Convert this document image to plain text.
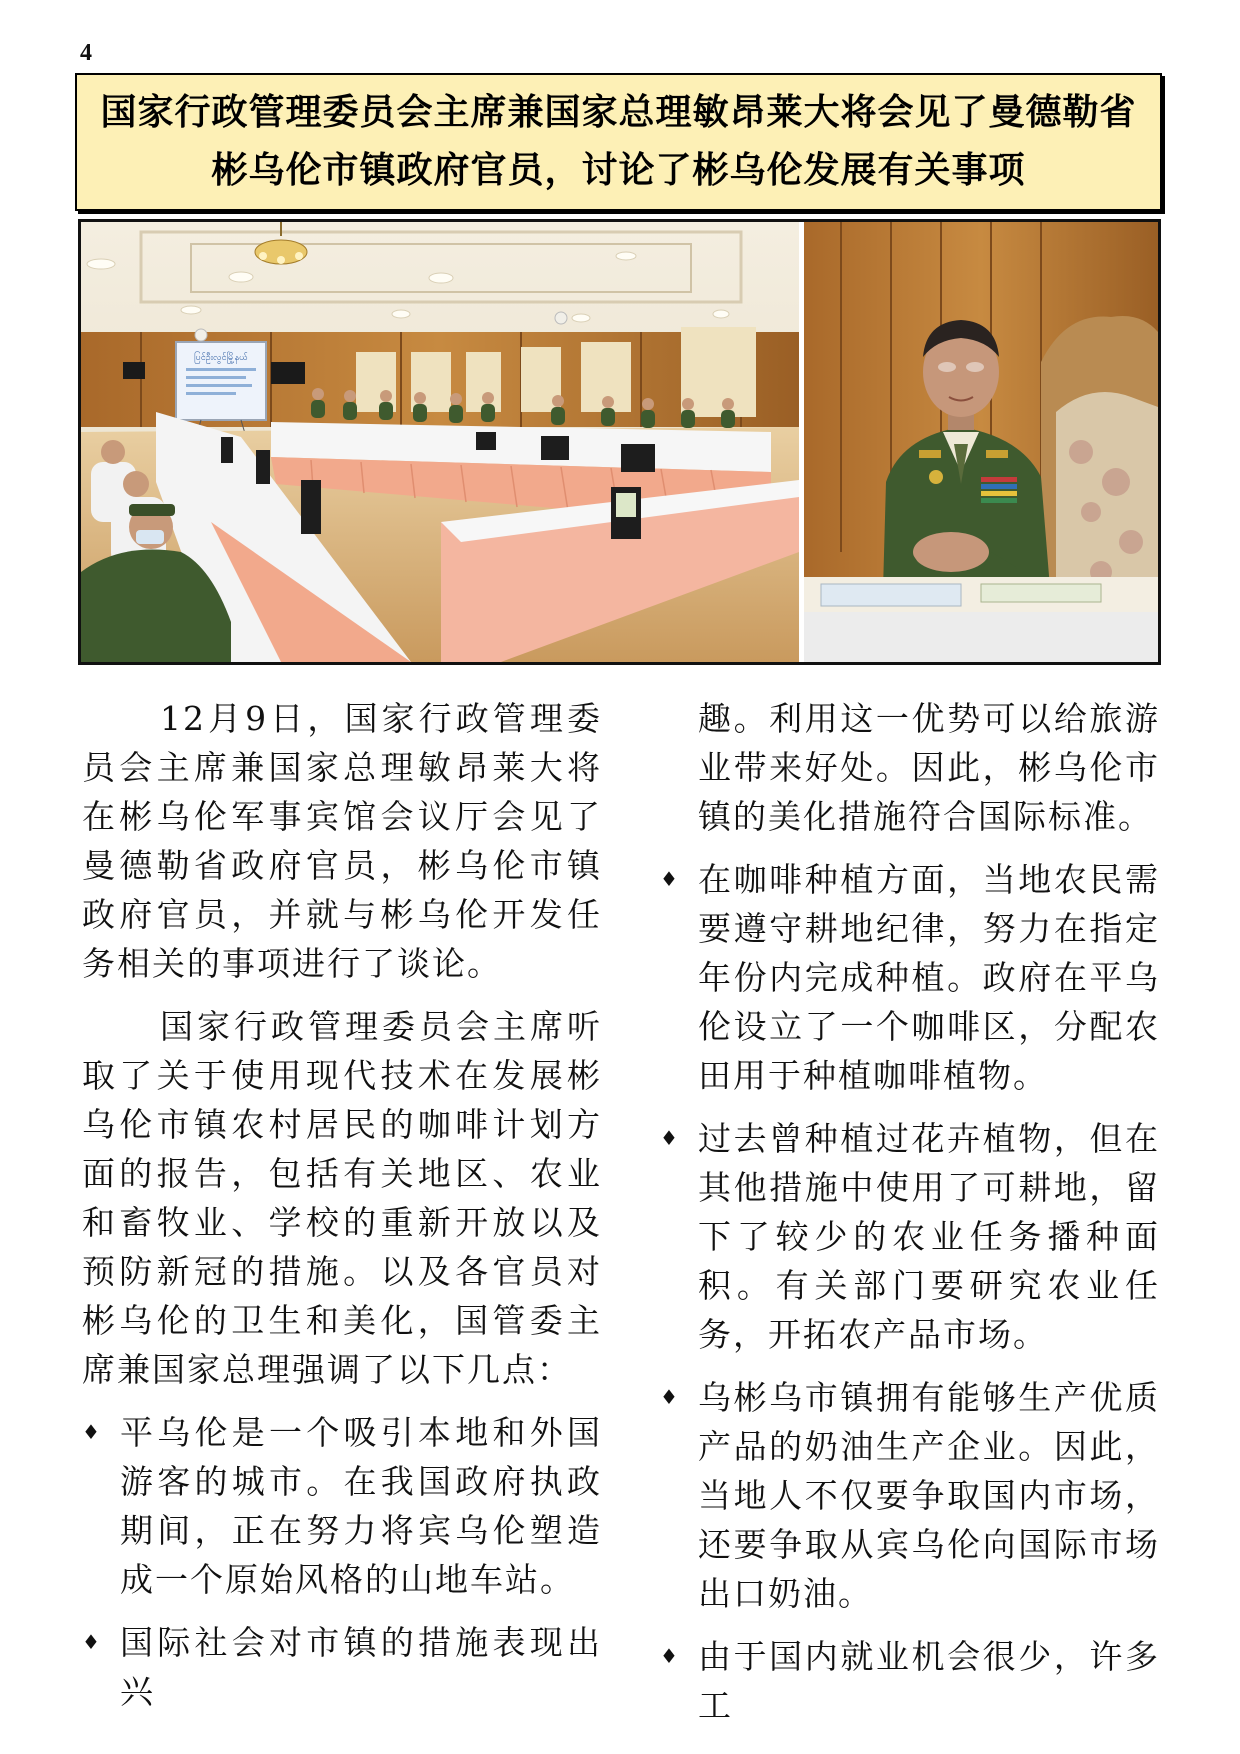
4
国家行政管理委员会主席兼国家总理敏昂莱大将会见了曼德勒省
彬乌伦市镇政府官员，讨论了彬乌伦发展有关事项
ပြင်ဦးလွင်မြို့နယ်

12月9日，国家行政管理委员会主席兼国家总理敏昂莱大将在彬乌伦军事宾馆会议厅会见了曼德勒省政府官员，彬乌伦市镇政府官员，并就与彬乌伦开发任务相关的事项进行了谈论。

国家行政管理委员会主席听取了关于使用现代技术在发展彬乌伦市镇农村居民的咖啡计划方面的报告，包括有关地区、农业和畜牧业、学校的重新开放以及预防新冠的措施。以及各官员对彬乌伦的卫生和美化，国管委主席兼国家总理强调了以下几点：

♦ 平乌伦是一个吸引本地和外国游客的城市。在我国政府执政期间，正在努力将宾乌伦塑造成一个原始风格的山地车站。
♦ 国际社会对市镇的措施表现出兴
趣。利用这一优势可以给旅游业带来好处。因此，彬乌伦市镇的美化措施符合国际标准。
♦ 在咖啡种植方面，当地农民需要遵守耕地纪律，努力在指定年份内完成种植。政府在平乌伦设立了一个咖啡区，分配农田用于种植咖啡植物。
♦ 过去曾种植过花卉植物，但在其他措施中使用了可耕地，留下了较少的农业任务播种面积。有关部门要研究农业任务，开拓农产品市场。
♦ 乌彬乌市镇拥有能够生产优质产品的奶油生产企业。因此，当地人不仅要争取国内市场，还要争取从宾乌伦向国际市场出口奶油。
♦ 由于国内就业机会很少，许多工
